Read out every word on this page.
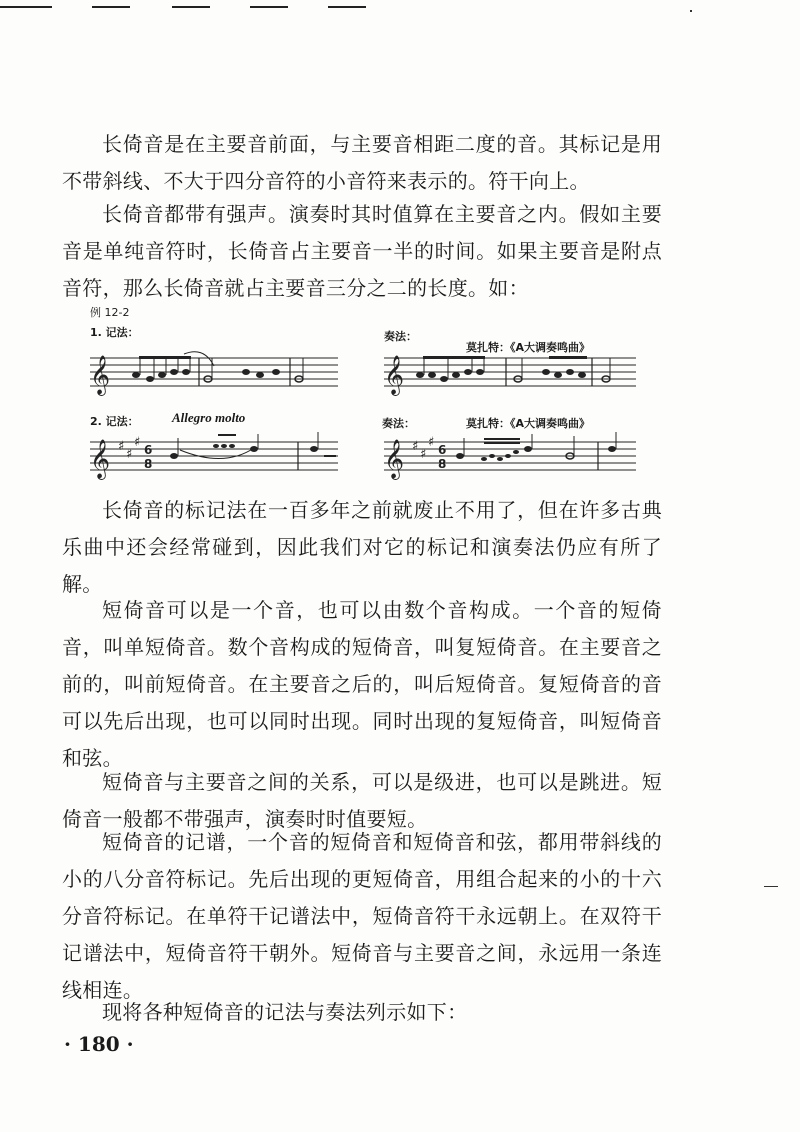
长倚音是在主要音前面，与主要音相距二度的音。其标记是用不带斜线、不大于四分音符的小音符来表示的。符干向上。

长倚音都带有强声。演奏时其时值算在主要音之内。假如主要音是单纯音符时，长倚音占主要音一半的时间。如果主要音是附点音符，那么长倚音就占主要音三分之二的长度。如：

例 12-2
1. 记法：	奏法：
莫扎特：《A大调奏鸣曲》
2. 记法：	Allegro molto	奏法：	莫扎特：《A大调奏鸣曲》
𝄞	𝄞
𝄞	𝄞
♯
♯
♯	♯
♯
♯
6
8
6
8

长倚音的标记法在一百多年之前就废止不用了，但在许多古典乐曲中还会经常碰到，因此我们对它的标记和演奏法仍应有所了解。

短倚音可以是一个音，也可以由数个音构成。一个音的短倚音，叫单短倚音。数个音构成的短倚音，叫复短倚音。在主要音之前的，叫前短倚音。在主要音之后的，叫后短倚音。复短倚音的音可以先后出现，也可以同时出现。同时出现的复短倚音，叫短倚音和弦。

短倚音与主要音之间的关系，可以是级进，也可以是跳进。短倚音一般都不带强声，演奏时时值要短。

短倚音的记谱，一个音的短倚音和短倚音和弦，都用带斜线的小的八分音符标记。先后出现的更短倚音，用组合起来的小的十六分音符标记。在单符干记谱法中，短倚音符干永远朝上。在双符干记谱法中，短倚音符干朝外。短倚音与主要音之间，永远用一条连线相连。

现将各种短倚音的记法与奏法列示如下：

· 180 ·
